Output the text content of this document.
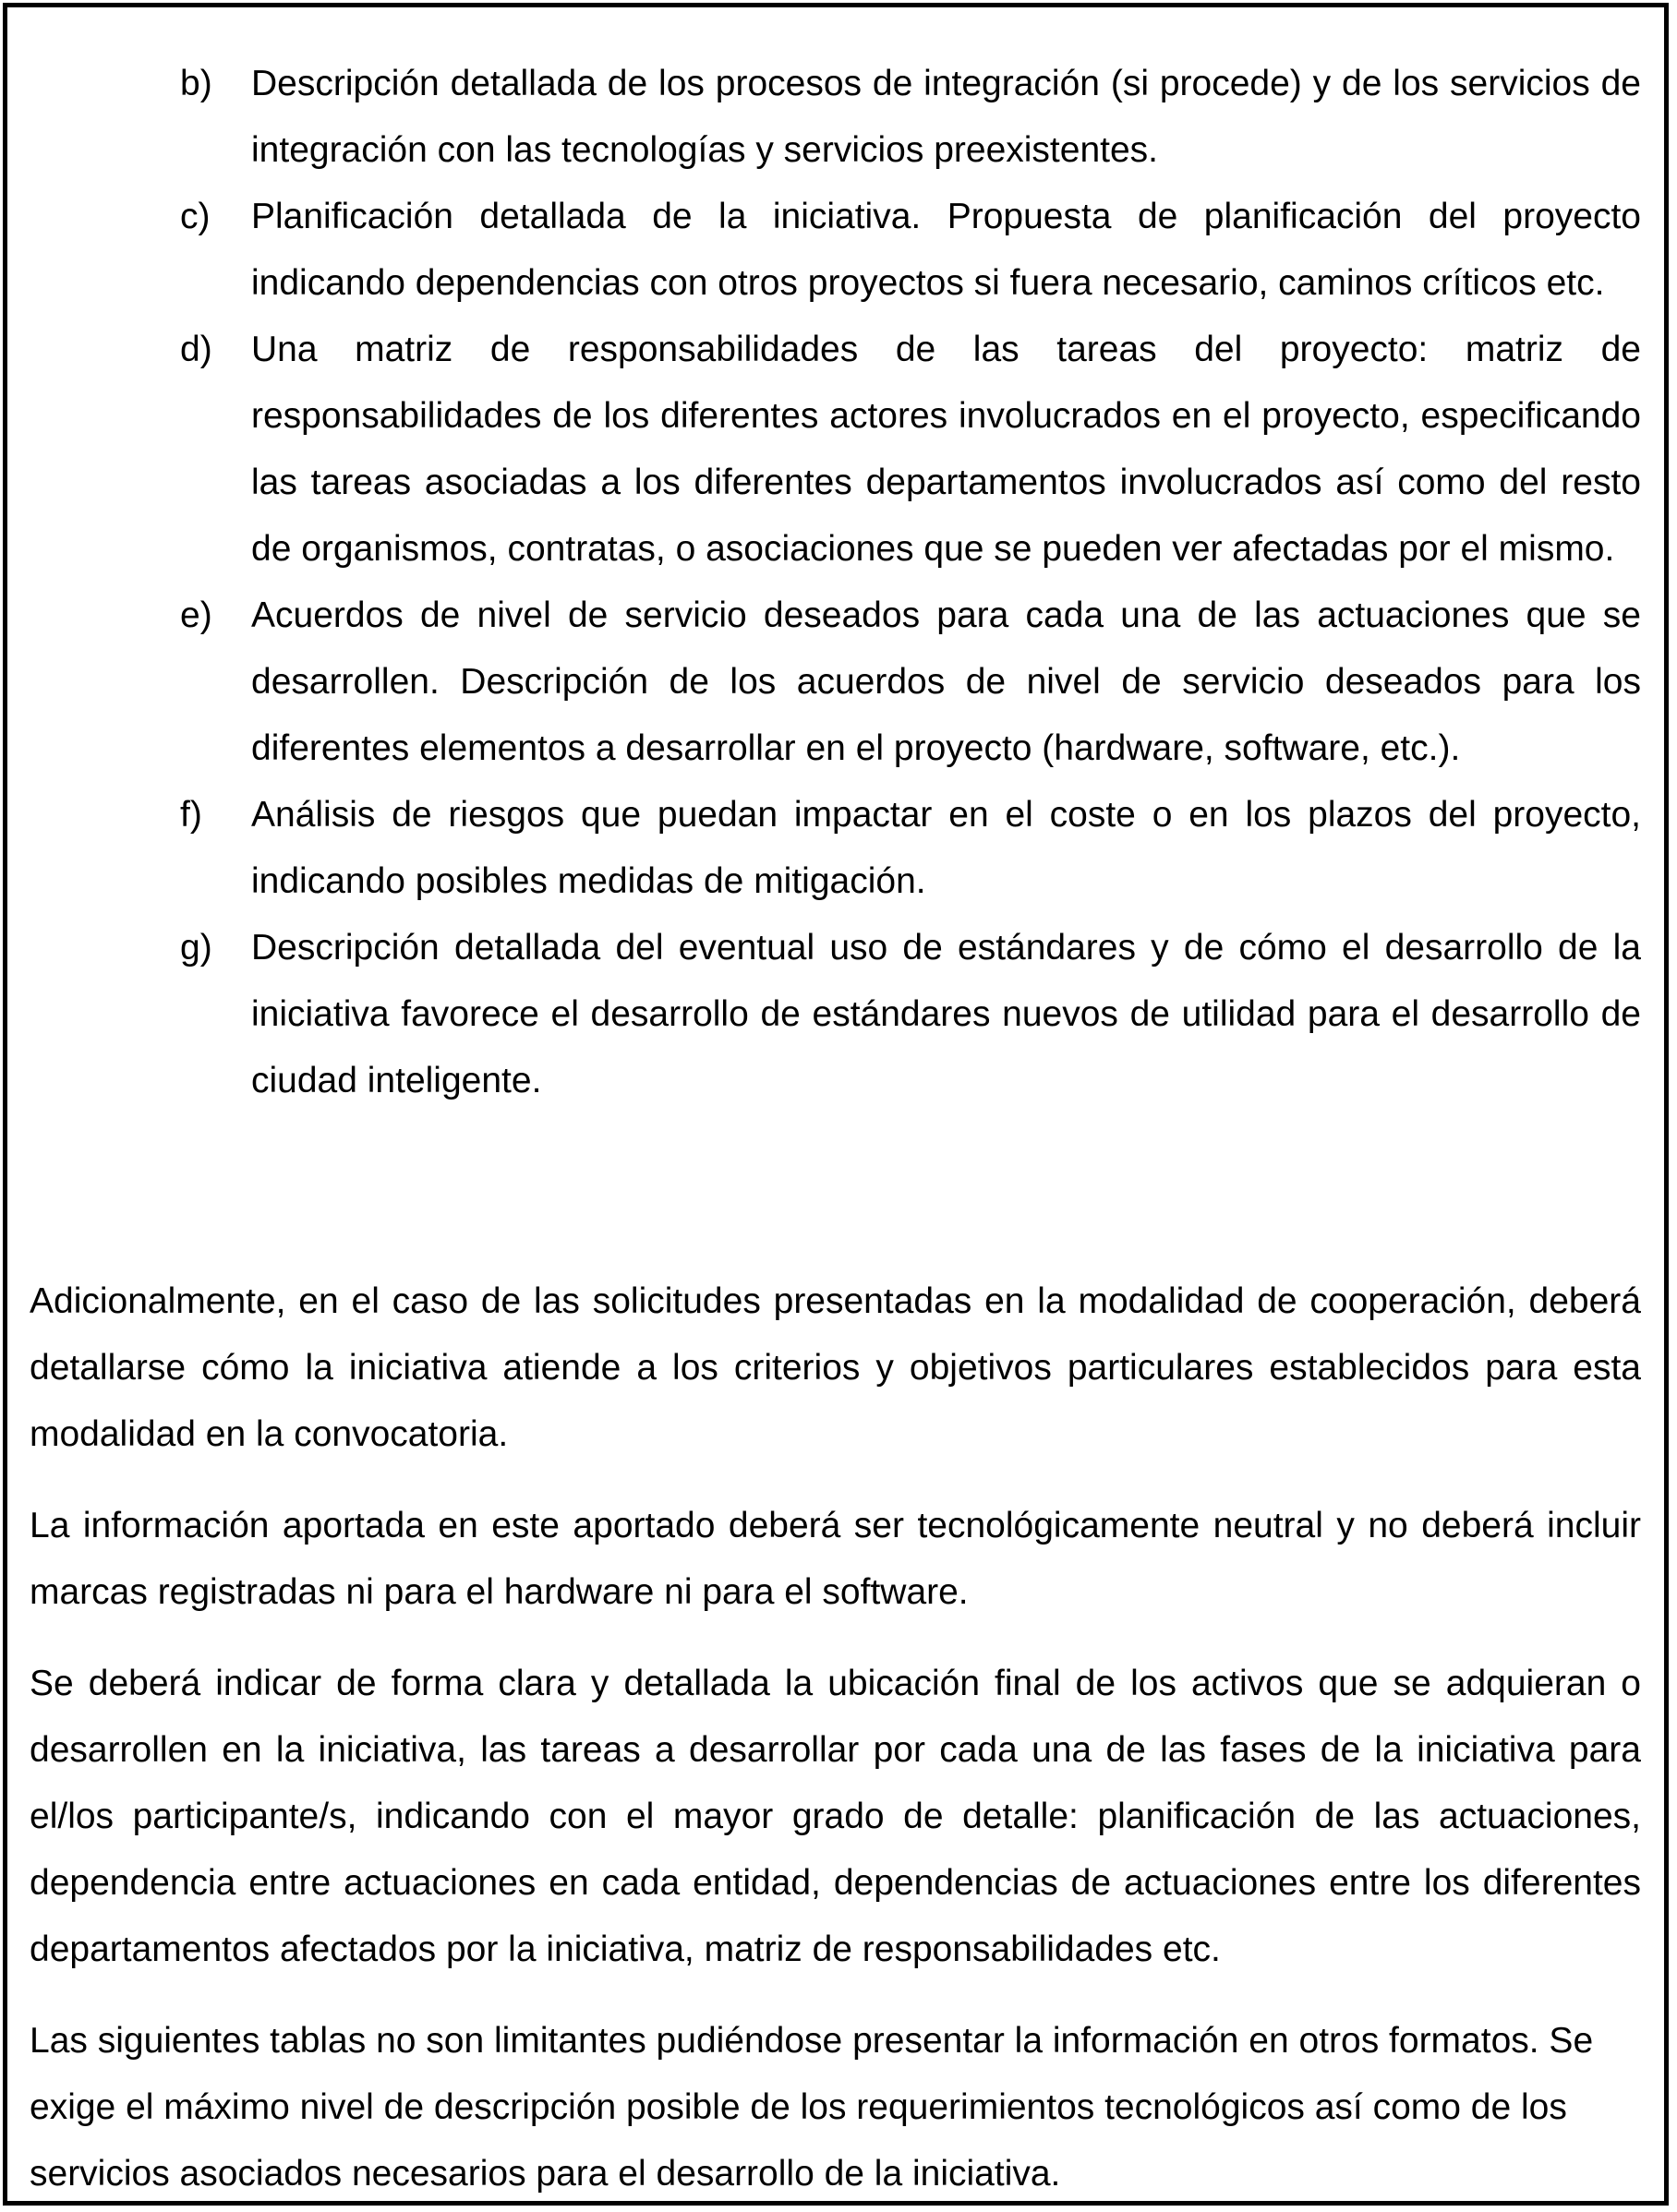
b) Descripción detallada de los procesos de integración (si procede) y de los servicios de integración con las tecnologías y servicios preexistentes.
c) Planificación detallada de la iniciativa. Propuesta de planificación del proyecto indicando dependencias con otros proyectos si fuera necesario, caminos críticos etc.
d) Una matriz de responsabilidades de las tareas del proyecto: matriz de responsabilidades de los diferentes actores involucrados en el proyecto, especificando las tareas asociadas a los diferentes departamentos involucrados así como del resto de organismos, contratas, o asociaciones que se pueden ver afectadas por el mismo.
e) Acuerdos de nivel de servicio deseados para cada una de las actuaciones que se desarrollen. Descripción de los acuerdos de nivel de servicio deseados para los diferentes elementos a desarrollar en el proyecto (hardware, software, etc.).
f) Análisis de riesgos que puedan impactar en el coste o en los plazos del proyecto, indicando posibles medidas de mitigación.
g) Descripción detallada del eventual uso de estándares y de cómo el desarrollo de la iniciativa favorece el desarrollo de estándares nuevos de utilidad para el desarrollo de ciudad inteligente.

Adicionalmente, en el caso de las solicitudes presentadas en la modalidad de cooperación, deberá detallarse cómo la iniciativa atiende a los criterios y objetivos particulares establecidos para esta modalidad en la convocatoria.

La información aportada en este aportado deberá ser tecnológicamente neutral y no deberá incluir marcas registradas ni para el hardware ni para el software.

Se deberá indicar de forma clara y detallada la ubicación final de los activos que se adquieran o desarrollen en la iniciativa, las tareas a desarrollar por cada una de las fases de la iniciativa para el/los participante/s, indicando con el mayor grado de detalle: planificación de las actuaciones, dependencia entre actuaciones en cada entidad, dependencias de actuaciones entre los diferentes departamentos afectados por la iniciativa, matriz de responsabilidades etc.

Las siguientes tablas no son limitantes pudiéndose presentar la información en otros formatos. Se exige el máximo nivel de descripción posible de los requerimientos tecnológicos así como de los servicios asociados necesarios para el desarrollo de la iniciativa.
